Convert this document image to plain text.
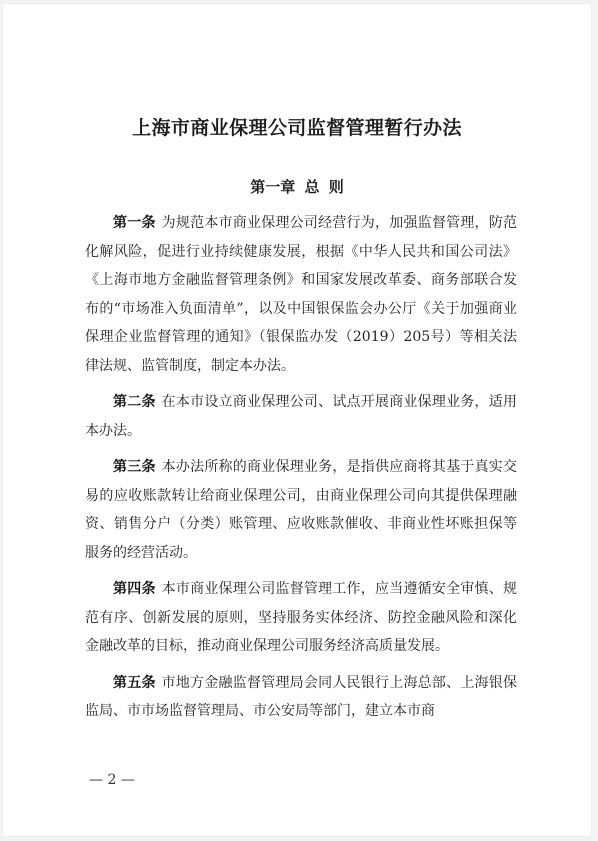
上海市商业保理公司监督管理暂行办法
第一章 总 则

第一条 为规范本市商业保理公司经营行为，加强监督管理，防范化解风险，促进行业持续健康发展，根据《中华人民共和国公司法》《上海市地方金融监督管理条例》和国家发展改革委、商务部联合发布的“市场准入负面清单”，以及中国银保监会办公厅《关于加强商业保理企业监督管理的通知》（银保监办发（2019）205号）等相关法律法规、监管制度，制定本办法。

第二条 在本市设立商业保理公司、试点开展商业保理业务，适用本办法。

第三条 本办法所称的商业保理业务，是指供应商将其基于真实交易的应收账款转让给商业保理公司，由商业保理公司向其提供保理融资、销售分户（分类）账管理、应收账款催收、非商业性坏账担保等服务的经营活动。

第四条 本市商业保理公司监督管理工作，应当遵循安全审慎、规范有序、创新发展的原则，坚持服务实体经济、防控金融风险和深化金融改革的目标，推动商业保理公司服务经济高质量发展。

第五条 市地方金融监督管理局会同人民银行上海总部、上海银保监局、市市场监督管理局、市公安局等部门，建立本市商

— 2 —
